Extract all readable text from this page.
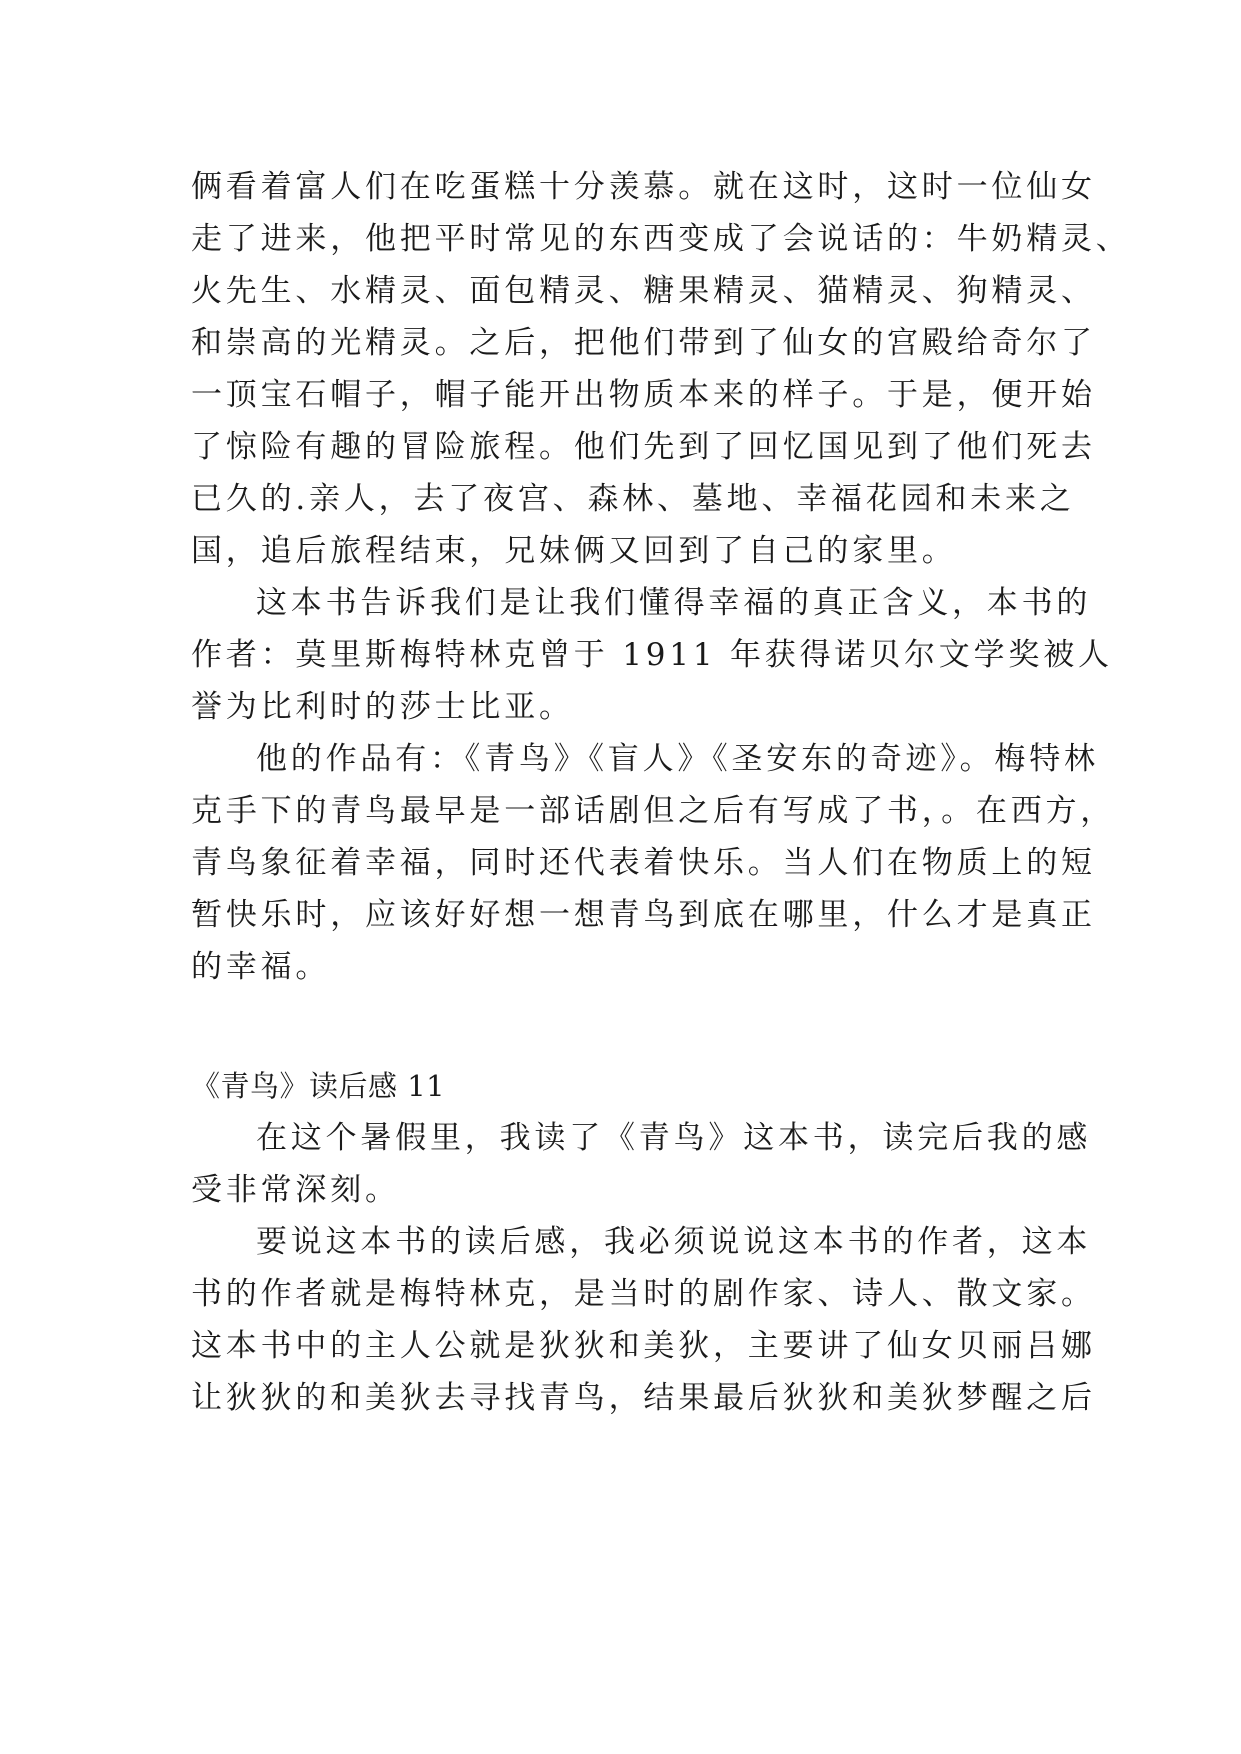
俩看着富人们在吃蛋糕十分羡慕。就在这时，这时一位仙女

走了进来，他把平时常见的东西变成了会说话的：牛奶精灵、

火先生、水精灵、面包精灵、糖果精灵、猫精灵、狗精灵、

和崇高的光精灵。之后，把他们带到了仙女的宫殿给奇尔了

一顶宝石帽子，帽子能开出物质本来的样子。于是，便开始

了惊险有趣的冒险旅程。他们先到了回忆国见到了他们死去

已久的.亲人，去了夜宫、森林、墓地、幸福花园和未来之

国，追后旅程结束，兄妹俩又回到了自己的家里。

这本书告诉我们是让我们懂得幸福的真正含义，本书的

作者：莫里斯梅特林克曾于 1911 年获得诺贝尔文学奖被人

誉为比利时的莎士比亚。

他的作品有：《青鸟》《盲人》《圣安东的奇迹》。梅特林

克手下的青鸟最早是一部话剧但之后有写成了书，。在西方，

青鸟象征着幸福，同时还代表着快乐。当人们在物质上的短

暂快乐时，应该好好想一想青鸟到底在哪里，什么才是真正

的幸福。

《青鸟》读后感 11

在这个暑假里，我读了《青鸟》这本书，读完后我的感

受非常深刻。

要说这本书的读后感，我必须说说这本书的作者，这本

书的作者就是梅特林克，是当时的剧作家、诗人、散文家。

这本书中的主人公就是狄狄和美狄，主要讲了仙女贝丽吕娜

让狄狄的和美狄去寻找青鸟，结果最后狄狄和美狄梦醒之后
